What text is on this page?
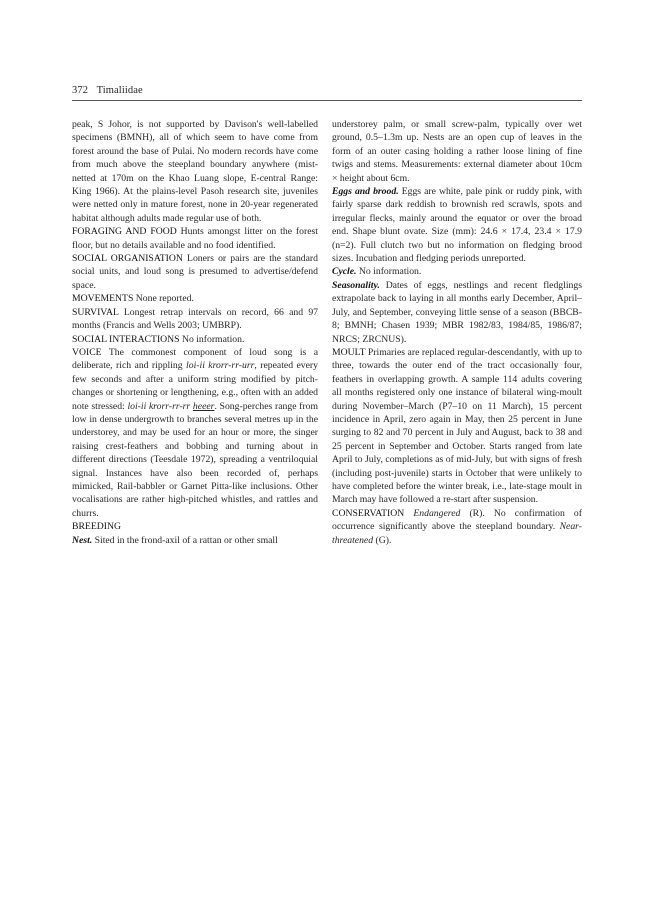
372 Timaliidae

peak, S Johor, is not supported by Davison's well-labelled specimens (BMNH), all of which seem to have come from forest around the base of Pulai. No modern records have come from much above the steepland boundary anywhere (mist-netted at 170m on the Khao Luang slope, E-central Range: King 1966). At the plains-level Pasoh research site, juveniles were netted only in mature forest, none in 20-year regenerated habitat although adults made regular use of both.

FORAGING AND FOOD Hunts amongst litter on the forest floor, but no details available and no food identified.

SOCIAL ORGANISATION Loners or pairs are the standard social units, and loud song is presumed to advertise/defend space.

MOVEMENTS None reported.

SURVIVAL Longest retrap intervals on record, 66 and 97 months (Francis and Wells 2003; UMBRP).

SOCIAL INTERACTIONS No information.

VOICE The commonest component of loud song is a deliberate, rich and rippling loi-ii krorr-rr-urr, repeated every few seconds and after a uniform string modified by pitch-changes or shortening or lengthening, e.g., often with an added note stressed: loi-ii krorr-rr-rr heeer. Song-perches range from low in dense undergrowth to branches several metres up in the understorey, and may be used for an hour or more, the singer raising crest-feathers and bobbing and turning about in different directions (Teesdale 1972), spreading a ventriloquial signal. Instances have also been recorded of, perhaps mimicked, Rail-babbler or Garnet Pitta-like inclusions. Other vocalisations are rather high-pitched whistles, and rattles and churrs.

BREEDING

Nest. Sited in the frond-axil of a rattan or other small

understorey palm, or small screw-palm, typically over wet ground, 0.5–1.3m up. Nests are an open cup of leaves in the form of an outer casing holding a rather loose lining of fine twigs and stems. Measurements: external diameter about 10cm × height about 6cm.

Eggs and brood. Eggs are white, pale pink or ruddy pink, with fairly sparse dark reddish to brownish red scrawls, spots and irregular flecks, mainly around the equator or over the broad end. Shape blunt ovate. Size (mm): 24.6 × 17.4, 23.4 × 17.9 (n=2). Full clutch two but no information on fledging brood sizes. Incubation and fledging periods unreported.

Cycle. No information.

Seasonality. Dates of eggs, nestlings and recent fledglings extrapolate back to laying in all months early December, April–July, and September, conveying little sense of a season (BBCB-8; BMNH; Chasen 1939; MBR 1982/83, 1984/85, 1986/87; NRCS; ZRCNUS).

MOULT Primaries are replaced regular-descendantly, with up to three, towards the outer end of the tract occasionally four, feathers in overlapping growth. A sample 114 adults covering all months registered only one instance of bilateral wing-moult during November–March (P7–10 on 11 March), 15 percent incidence in April, zero again in May, then 25 percent in June surging to 82 and 70 percent in July and August, back to 38 and 25 percent in September and October. Starts ranged from late April to July, completions as of mid-July, but with signs of fresh (including post-juvenile) starts in October that were unlikely to have completed before the winter break, i.e., late-stage moult in March may have followed a re-start after suspension.

CONSERVATION Endangered (R). No confirmation of occurrence significantly above the steepland boundary. Near-threatened (G).
